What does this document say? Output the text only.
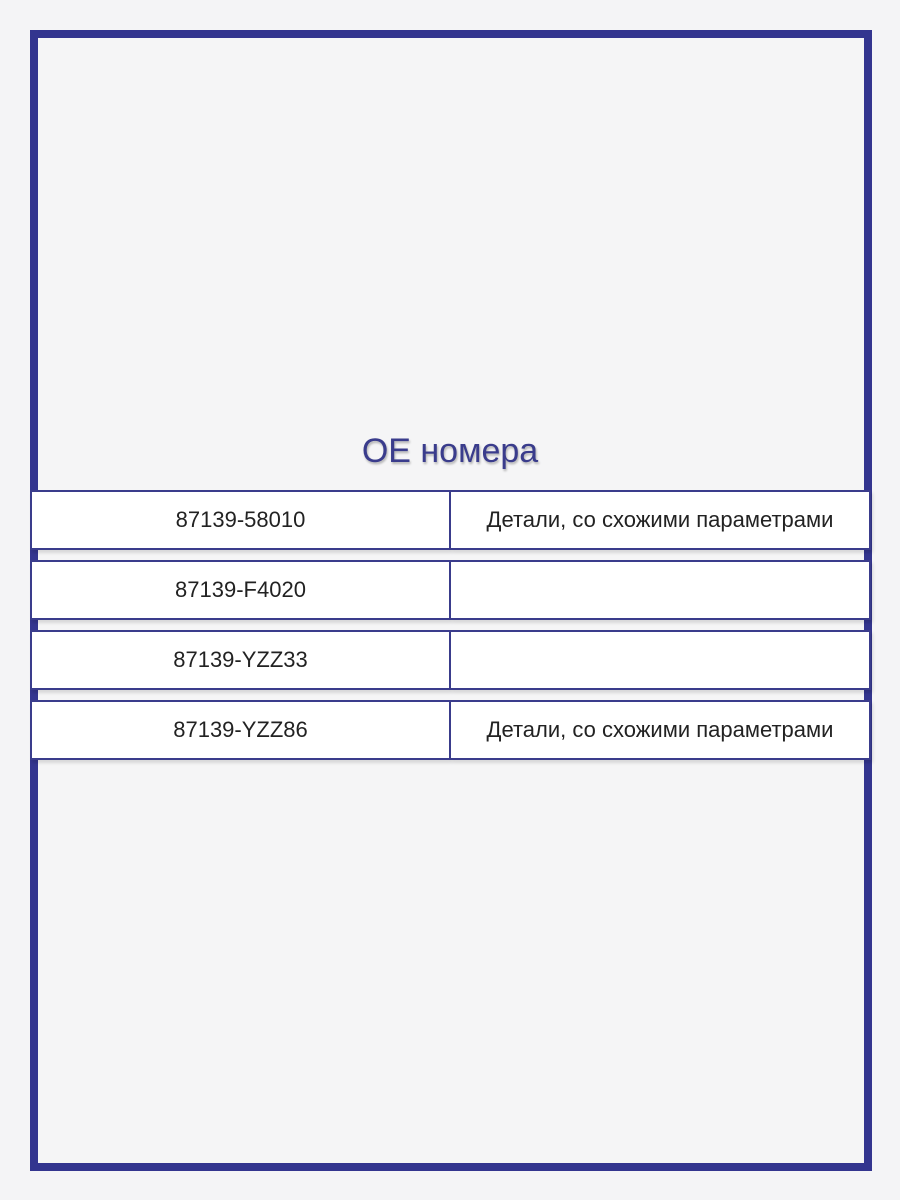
OE номера
87139-58010	Детали, со схожими параметрами
87139-F4020
87139-YZZ33
87139-YZZ86	Детали, со схожими параметрами
